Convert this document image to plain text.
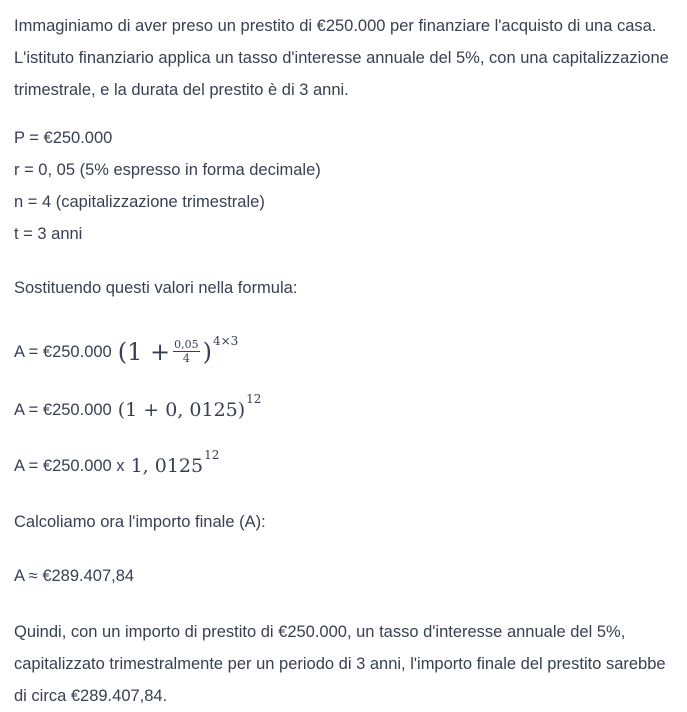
Immaginiamo di aver preso un prestito di €250.000 per finanziare l'acquisto di una casa. L'istituto finanziario applica un tasso d'interesse annuale del 5%, con una capitalizzazione trimestrale, e la durata del prestito è di 3 anni.

P = €250.000
r = 0, 05 (5% espresso in forma decimale)
n = 4 (capitalizzazione trimestrale)
t = 3 anni

Sostituendo questi valori nella formula:

A = €250.000 $(1 + \frac{0,05}{4} )^{4\times 3}$
A = €250.000 (1 + 0, 0125)$^{12}$
A = €250.000 x 1, 0125$^{12}$

Calcoliamo ora l'importo finale (A):

A ≈ €289.407,84

Quindi, con un importo di prestito di €250.000, un tasso d'interesse annuale del 5%, capitalizzato trimestralmente per un periodo di 3 anni, l'importo finale del prestito sarebbe di circa €289.407,84.
